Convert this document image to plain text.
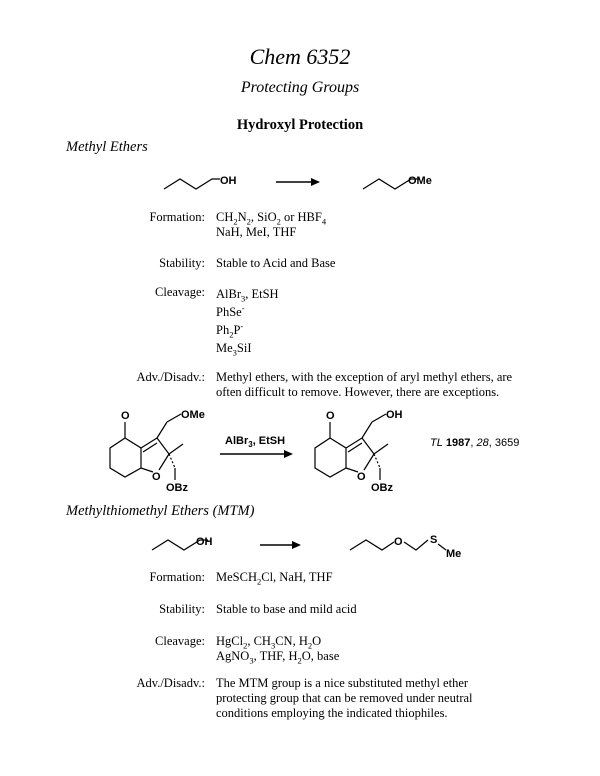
Chem 6352
Protecting Groups
Hydroxyl Protection
Methyl Ethers
OH	OMe
Formation: $CH_2N_2$, SiO$_2$ or $HBF_4$
NaH, MeI, THF
Stability: Stable to Acid and Base
Cleavage: AlBr$_3$, EtSH
PhSe-
$Ph_2P^-$
$Me_3SiI$
Adv./Disadv.: Methyl ethers, with the exception of aryl methyl ethers, are
often difficult to remove. However, there are exceptions.
O
O
OMe
OBz
AlBr$_3$, EtSH
O
O
OH
OBz
TL 1987, 28, 3659
Methylthiomethyl Ethers (MTM)
OH	O S
Me
Formation: MeSCH$_2$Cl, NaH, THF
Stability: Stable to base and mild acid
Cleavage: HgCl$_2$, $CH_3CN$, $H_2O$
AgNO$_3$, THF, $H_2O$, base
Adv./Disadv.: The MTM group is a nice substituted methyl ether
protecting group that can be removed under neutral
conditions employing the indicated thiophiles.
